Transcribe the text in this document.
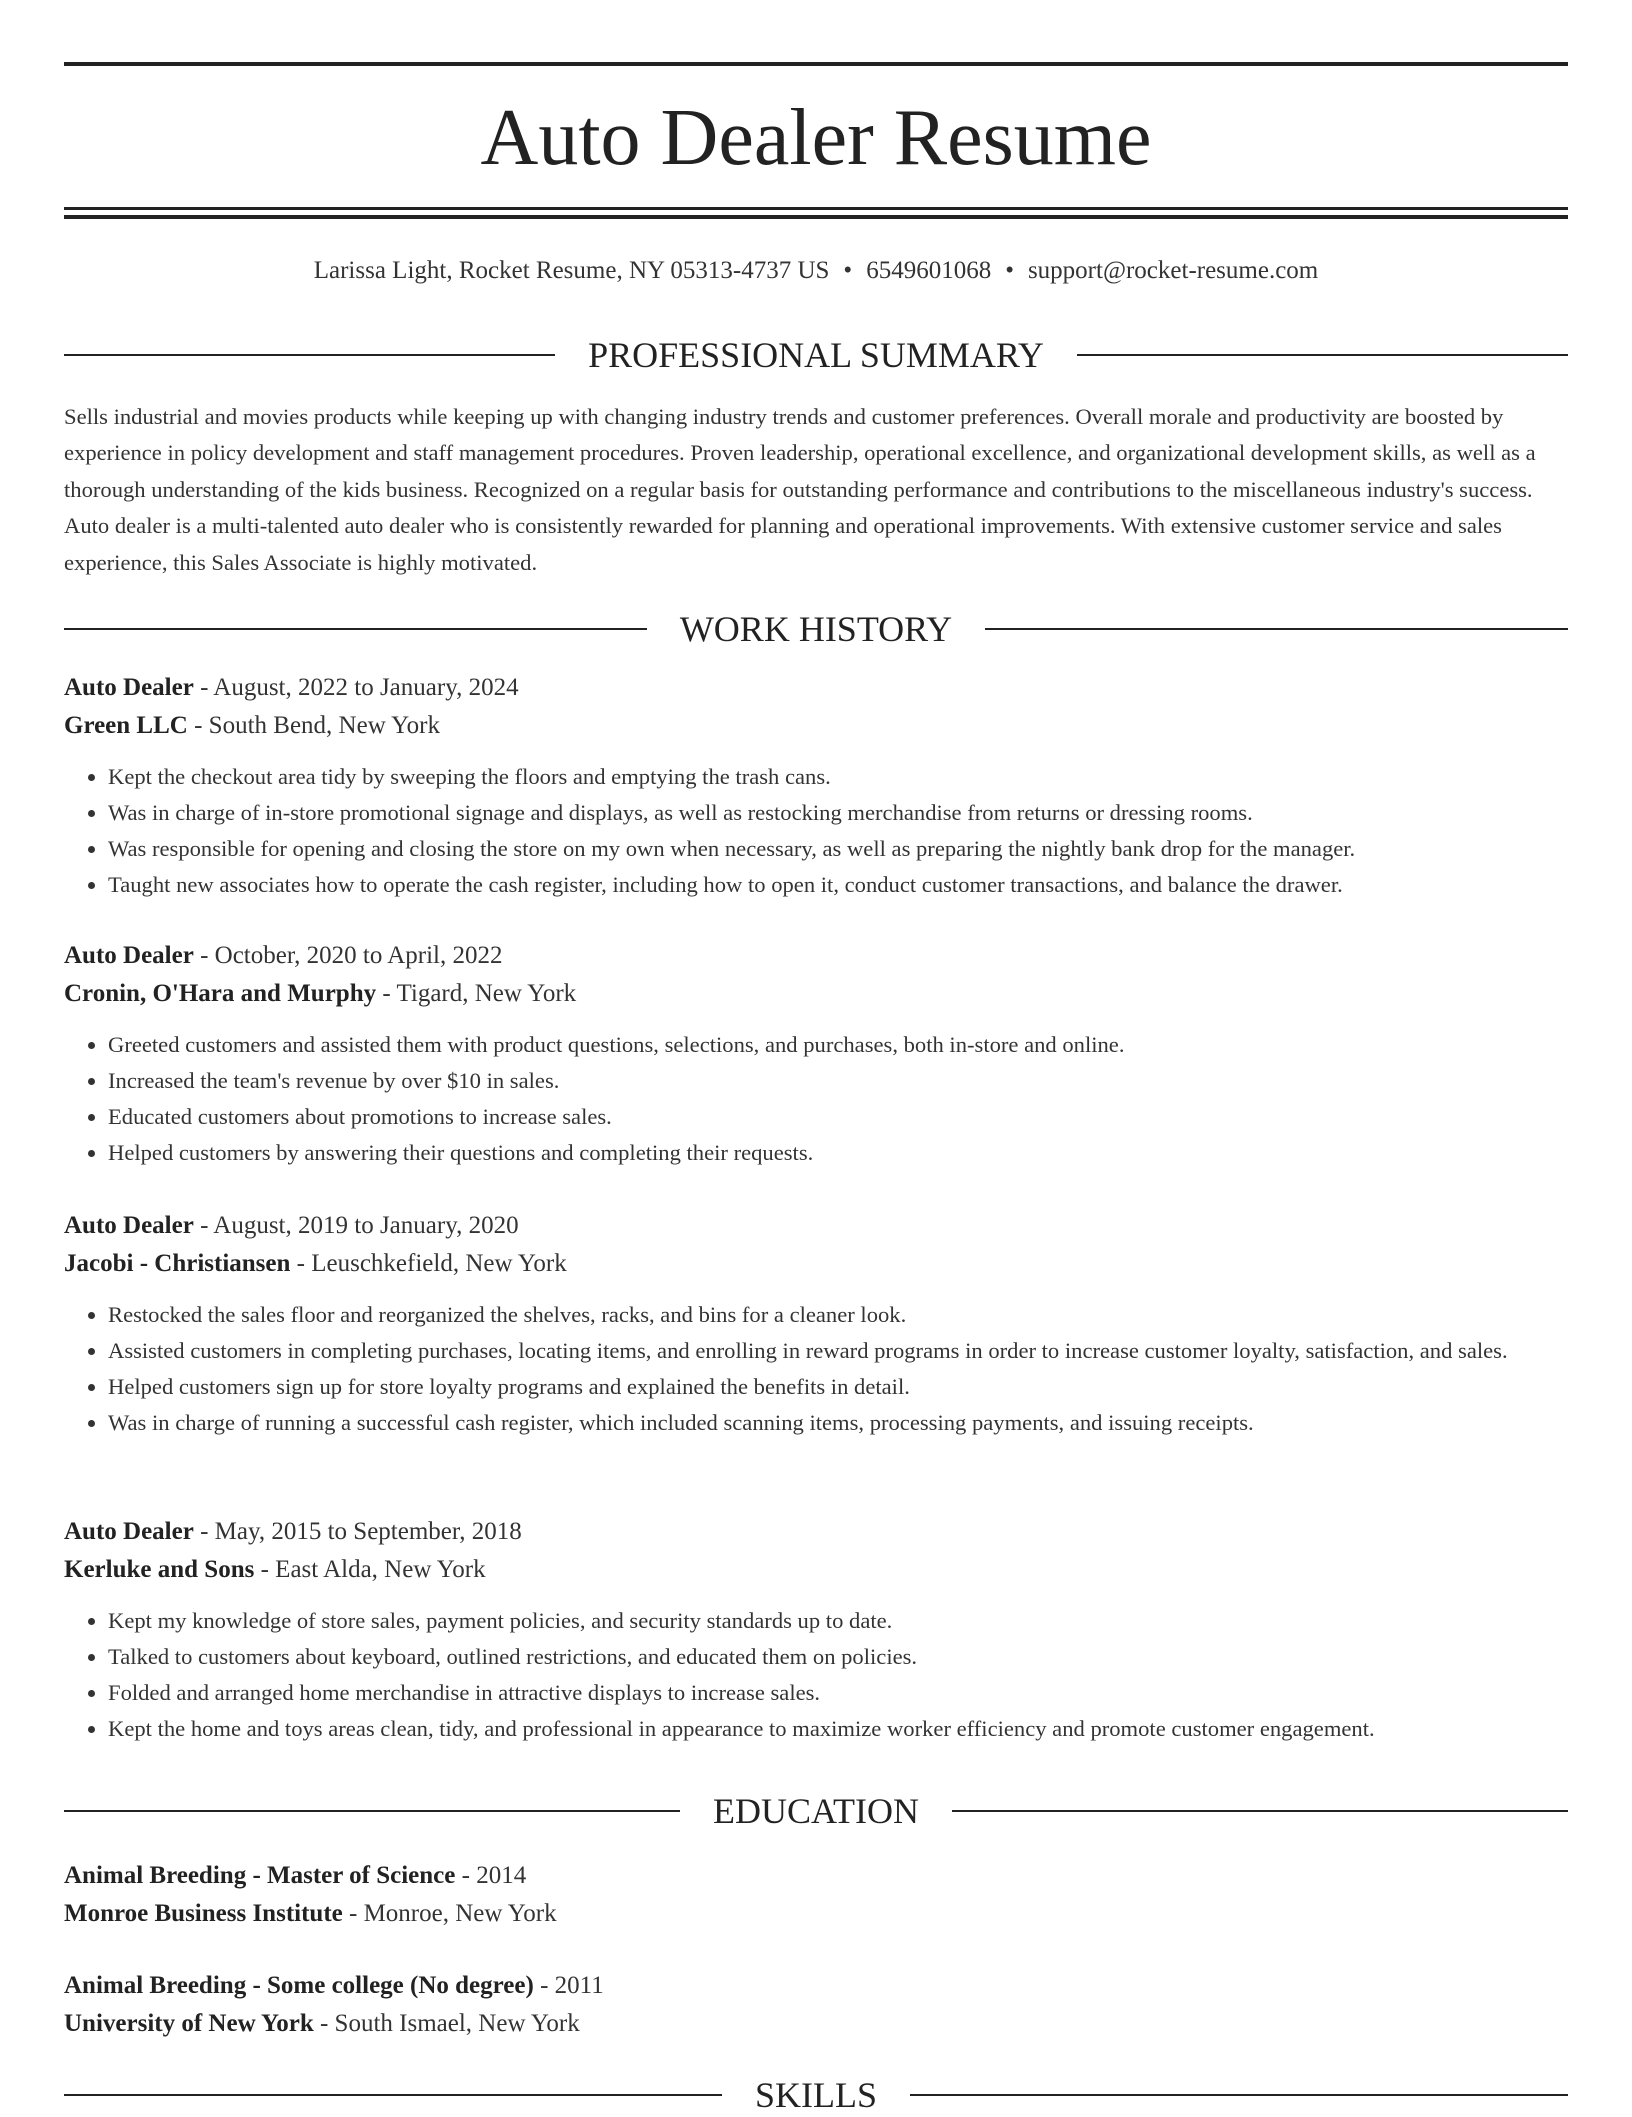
Auto Dealer Resume
Larissa Light, Rocket Resume, NY 05313-4737 US • 6549601068 • support@rocket-resume.com
PROFESSIONAL SUMMARY
Sells industrial and movies products while keeping up with changing industry trends and customer preferences. Overall morale and productivity are boosted by experience in policy development and staff management procedures. Proven leadership, operational excellence, and organizational development skills, as well as a thorough understanding of the kids business. Recognized on a regular basis for outstanding performance and contributions to the miscellaneous industry's success. Auto dealer is a multi-talented auto dealer who is consistently rewarded for planning and operational improvements. With extensive customer service and sales experience, this Sales Associate is highly motivated.
WORK HISTORY
Auto Dealer - August, 2022 to January, 2024
Green LLC - South Bend, New York
• Kept the checkout area tidy by sweeping the floors and emptying the trash cans.
• Was in charge of in-store promotional signage and displays, as well as restocking merchandise from returns or dressing rooms.
• Was responsible for opening and closing the store on my own when necessary, as well as preparing the nightly bank drop for the manager.
• Taught new associates how to operate the cash register, including how to open it, conduct customer transactions, and balance the drawer.
Auto Dealer - October, 2020 to April, 2022
Cronin, O'Hara and Murphy - Tigard, New York
• Greeted customers and assisted them with product questions, selections, and purchases, both in-store and online.
• Increased the team's revenue by over $10 in sales.
• Educated customers about promotions to increase sales.
• Helped customers by answering their questions and completing their requests.
Auto Dealer - August, 2019 to January, 2020
Jacobi - Christiansen - Leuschkefield, New York
• Restocked the sales floor and reorganized the shelves, racks, and bins for a cleaner look.
• Assisted customers in completing purchases, locating items, and enrolling in reward programs in order to increase customer loyalty, satisfaction, and sales.
• Helped customers sign up for store loyalty programs and explained the benefits in detail.
• Was in charge of running a successful cash register, which included scanning items, processing payments, and issuing receipts.
Auto Dealer - May, 2015 to September, 2018
Kerluke and Sons - East Alda, New York
• Kept my knowledge of store sales, payment policies, and security standards up to date.
• Talked to customers about keyboard, outlined restrictions, and educated them on policies.
• Folded and arranged home merchandise in attractive displays to increase sales.
• Kept the home and toys areas clean, tidy, and professional in appearance to maximize worker efficiency and promote customer engagement.
EDUCATION
Animal Breeding - Master of Science - 2014
Monroe Business Institute - Monroe, New York
Animal Breeding - Some college (No degree) - 2011
University of New York - South Ismael, New York
SKILLS
